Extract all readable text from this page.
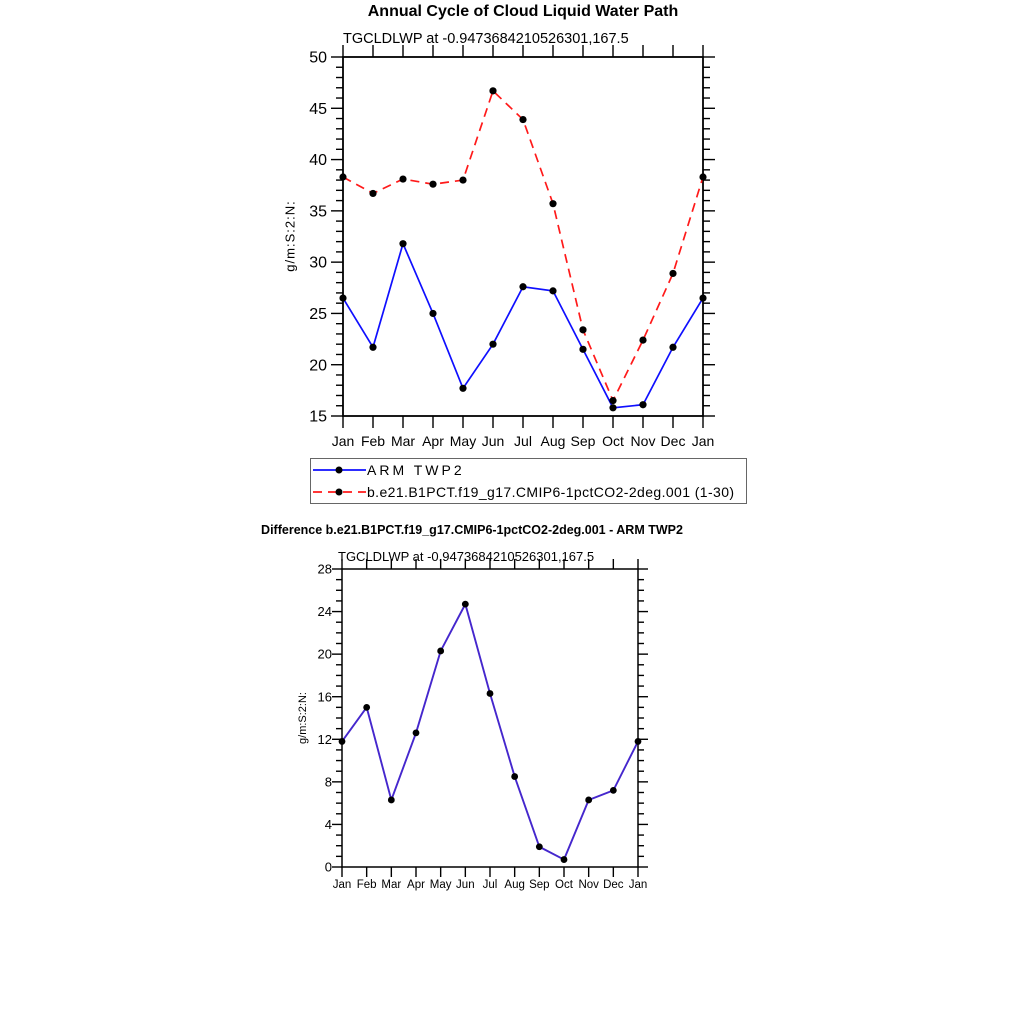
Annual Cycle of Cloud Liquid Water Path
TGCLDLWP at -0.9473684210526301,167.5
g/m:S:2:N:
Difference b.e21.B1PCT.f19_g17.CMIP6-1pctCO2-2deg.001 - ARM TWP2
TGCLDLWP at -0.9473684210526301,167.5
g/m:S:2:N:
15
20
25
30
35
40
45
50
Jan Feb Mar Apr May Jun Jul Aug Sep Oct Nov Dec Jan
0
4
8
12
16
20
24
28
Jan Feb Mar Apr May Jun Jul Aug Sep Oct Nov Dec Jan
ARM TWP2
b.e21.B1PCT.f19_g17.CMIP6-1pctCO2-2deg.001 (1-30)
